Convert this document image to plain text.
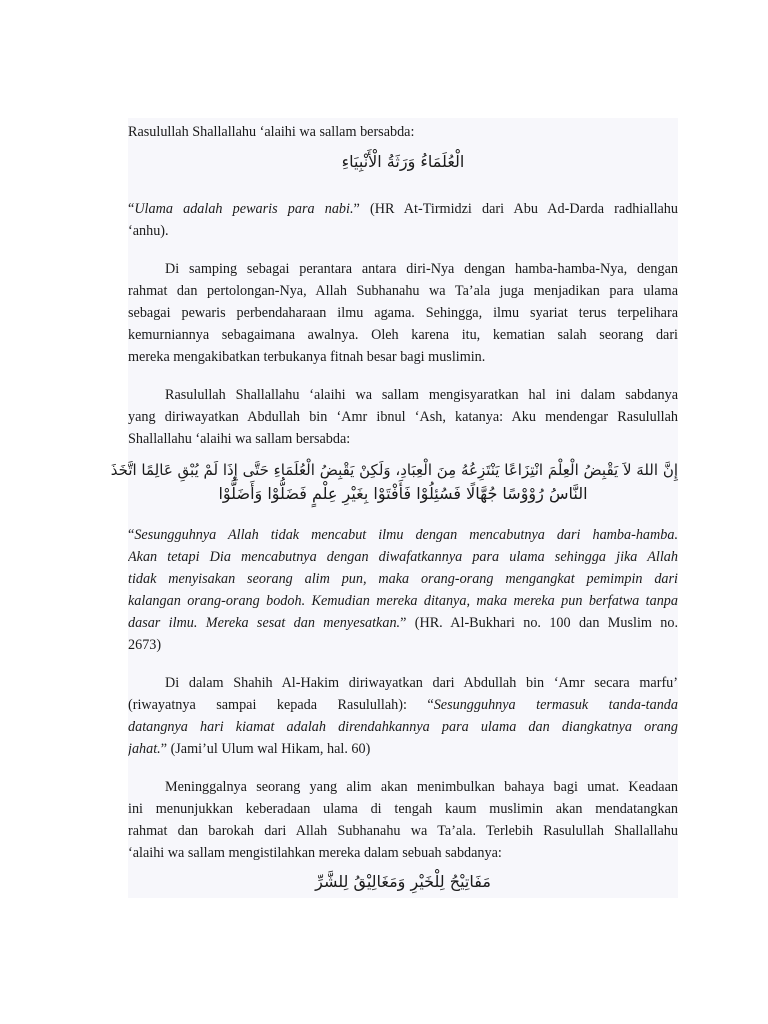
Rasulullah Shallallahu ‘alaihi wa sallam bersabda:
الْعُلَمَاءُ وَرَثَةُ الْأَنْبِيَاءِ
“Ulama adalah pewaris para nabi.” (HR At-Tirmidzi dari Abu Ad-Darda radhiallahu
‘anhu).
Di samping sebagai perantara antara diri-Nya dengan hamba-hamba-Nya, dengan
rahmat dan pertolongan-Nya, Allah Subhanahu wa Ta’ala juga menjadikan para ulama
sebagai pewaris perbendaharaan ilmu agama. Sehingga, ilmu syariat terus terpelihara
kemurniannya sebagaimana awalnya. Oleh karena itu, kematian salah seorang dari
mereka mengakibatkan terbukanya fitnah besar bagi muslimin.
Rasulullah Shallallahu ‘alaihi wa sallam mengisyaratkan hal ini dalam sabdanya
yang diriwayatkan Abdullah bin ‘Amr ibnul ‘Ash, katanya: Aku mendengar Rasulullah
Shallallahu ‘alaihi wa sallam bersabda:
إِنَّ اللهَ لاَ يَقْبِضُ الْعِلْمَ انْتِزَاعًا يَنْتَزِعُهُ مِنَ الْعِبَادِ، وَلَكِنْ يَقْبِضُ الْعُلَمَاءِ حَتَّى إِذَا لَمْ يُبْقِ عَالِمًا اتَّخَذَ
النَّاسُ رُوْوْسًا جُهَّالًا فَسُئِلُوْا فَأَفْتَوْا بِغَيْرِ عِلْمٍ فَضَلُّوْا وَأَضَلُّوْا
“Sesungguhnya Allah tidak mencabut ilmu dengan mencabutnya dari hamba-hamba.
Akan tetapi Dia mencabutnya dengan diwafatkannya para ulama sehingga jika Allah
tidak menyisakan seorang alim pun, maka orang-orang mengangkat pemimpin dari
kalangan orang-orang bodoh. Kemudian mereka ditanya, maka mereka pun berfatwa tanpa
dasar ilmu. Mereka sesat dan menyesatkan.” (HR. Al-Bukhari no. 100 dan Muslim no.
2673)
Di dalam Shahih Al-Hakim diriwayatkan dari Abdullah bin ‘Amr secara marfu’
(riwayatnya sampai kepada Rasulullah): “Sesungguhnya termasuk tanda-tanda
datangnya hari kiamat adalah direndahkannya para ulama dan diangkatnya orang
jahat.” (Jami’ul Ulum wal Hikam, hal. 60)
Meninggalnya seorang yang alim akan menimbulkan bahaya bagi umat. Keadaan
ini menunjukkan keberadaan ulama di tengah kaum muslimin akan mendatangkan
rahmat dan barokah dari Allah Subhanahu wa Ta’ala. Terlebih Rasulullah Shallallahu
‘alaihi wa sallam mengistilahkan mereka dalam sebuah sabdanya:
مَفَاتِيْحُ لِلْخَيْرِ وَمَغَالِيْقُ لِلشَّرِّ
